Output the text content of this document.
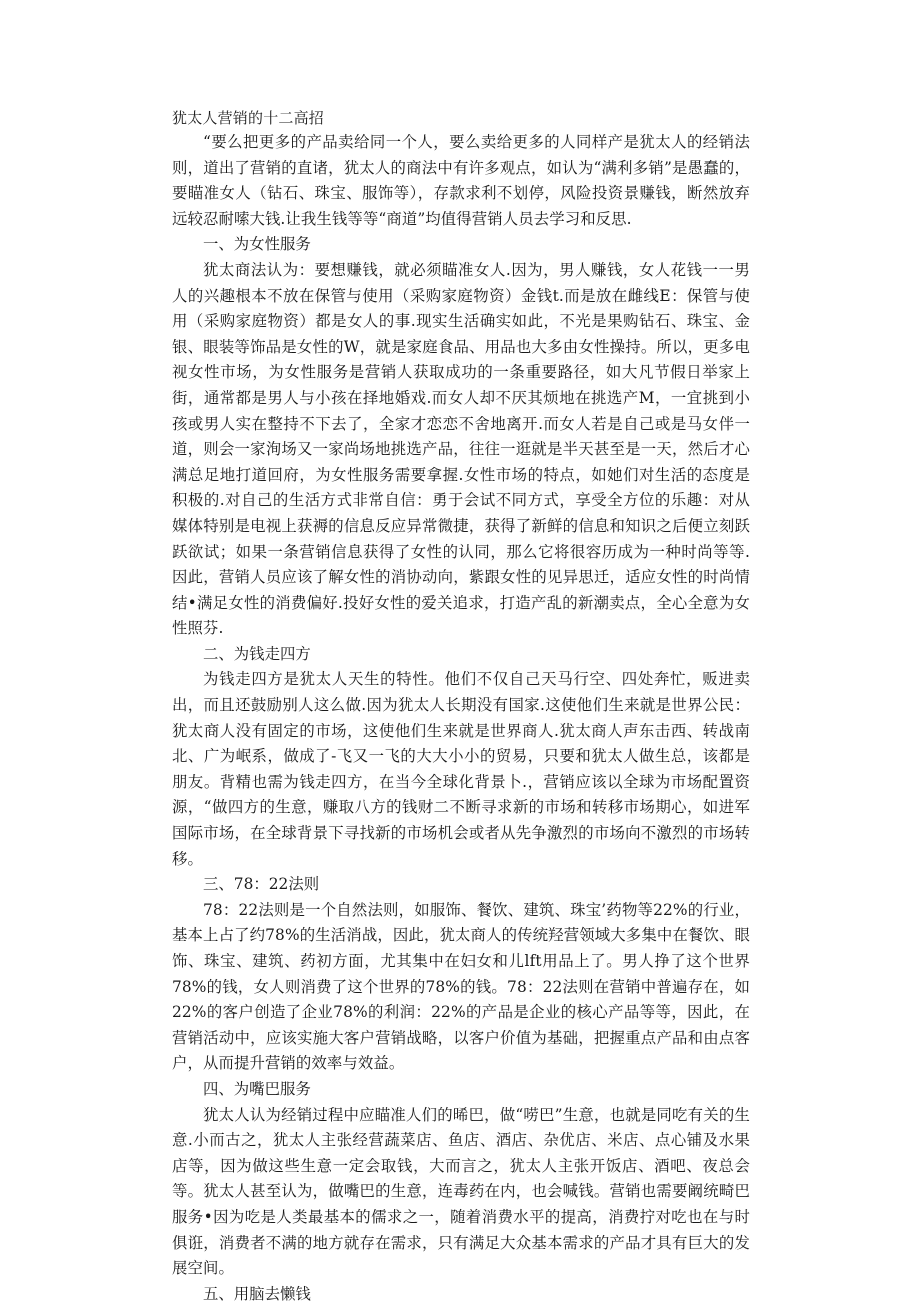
犹太人营销的十二高招

“要么把更多的产品卖给同一个人，要么卖给更多的人同样产是犹太人的经销法则，道出了营销的直诸，犹太人的商法中有许多观点，如认为“满利多销”是愚蠢的，要瞄准女人（钻石、珠宝、服饰等），存款求利不划停，风险投资景赚钱，断然放弃远较忍耐嗦大钱.让我生钱等等“商道”均值得营销人员去学习和反思.

一、为女性服务

犹太商法认为：要想赚钱，就必须瞄准女人.因为，男人赚钱，女人花钱一一男人的兴趣根本不放在保管与使用（采购家庭物资）金钱t.而是放在雌线E：保管与使用（采购家庭物资）都是女人的事.现实生活确实如此，不光是果购钻石、珠宝、金银、眼装等饰品是女性的W，就是家庭食品、用品也大多由女性操持。所以，更多电视女性市场，为女性服务是营销人获取成功的一条重要路径，如大凡节假日举家上街，通常都是男人与小孩在择地婚戏.而女人却不厌其烦地在挑选产M，一宜挑到小孩或男人实在整持不下去了，全家才恋恋不舍地离开.而女人若是自己或是马女伴一道，则会一家洵场又一家尚场地挑选产品，往往一逛就是半天甚至是一天，然后才心满总足地打道回府，为女性服务需要拿握.女性市场的特点，如她们对生活的态度是积极的.对自己的生活方式非常自信：勇于会试不同方式，享受全方位的乐趣：对从媒体特别是电视上获褥的信息反应异常微捷，获得了新鲜的信息和知识之后便立刻跃跃欲试；如果一条营销信息获得了女性的认同，那么它将很容历成为一种时尚等等.因此，营销人员应该了解女性的消协动向，紫跟女性的见异思迁，适应女性的时尚情结•满足女性的消费偏好.投好女性的爱关追求，打造产乱的新潮卖点，全心全意为女性照芬.

二、为钱走四方

为钱走四方是犹太人天生的特性。他们不仅自己天马行空、四处奔忙，贩进卖出，而且还鼓励别人这么做.因为犹太人长期没有国家.这使他们生来就是世界公民：犹太商人没有固定的市场，这使他们生来就是世界商人.犹太商人声东击西、转战南北、广为岷系，做成了-飞又一飞的大大小小的贸易，只要和犹太人做生总，该都是朋友。背精也需为钱走四方，在当今全球化背景卜.，营销应该以全球为市场配置资源，“做四方的生意，赚取八方的钱财二不断寻求新的市场和转移市场期心，如进军国际市场，在全球背景下寻找新的市场机会或者从先争激烈的市场向不激烈的市场转移。

三、78：22法则

78：22法则是一个自然法则，如服饰、餐饮、建筑、珠宝’药物等22%的行业，基本上占了约78%的生活消战，因此，犹太商人的传统羟营领域大多集中在餐饮、眼饰、珠宝、建筑、药初方面，尤其集中在妇女和儿lft用品上了。男人挣了这个世界78%的钱，女人则消费了这个世界的78%的钱。78：22法则在营销中普遍存在，如22%的客户创造了企业78%的利润：22%的产品是企业的核心产品等等，因此，在营销活动中，应该实施大客户营销战略，以客户价值为基础，把握重点产品和由点客户，从而提升营销的效率与效益。

四、为嘴巴服务

犹太人认为经销过程中应瞄准人们的晞巴，做“唠巴”生意，也就是同吃有关的生意.小而古之，犹太人主张经营蔬菜店、鱼店、酒店、杂优店、米店、点心铺及水果店等，因为做这些生意一定会取钱，大而言之，犹太人主张开饭店、酒吧、夜总会等。犹太人甚至认为，做嘴巴的生意，连毒药在内，也会喊钱。营销也需要阚统畸巴服务•因为吃是人类最基本的儒求之一，随着消费水平的提高，消费拧对吃也在与时俱诳，消费者不满的地方就存在需求，只有满足大众基本需求的产品才具有巨大的发展空间。

五、用脑去懒钱
